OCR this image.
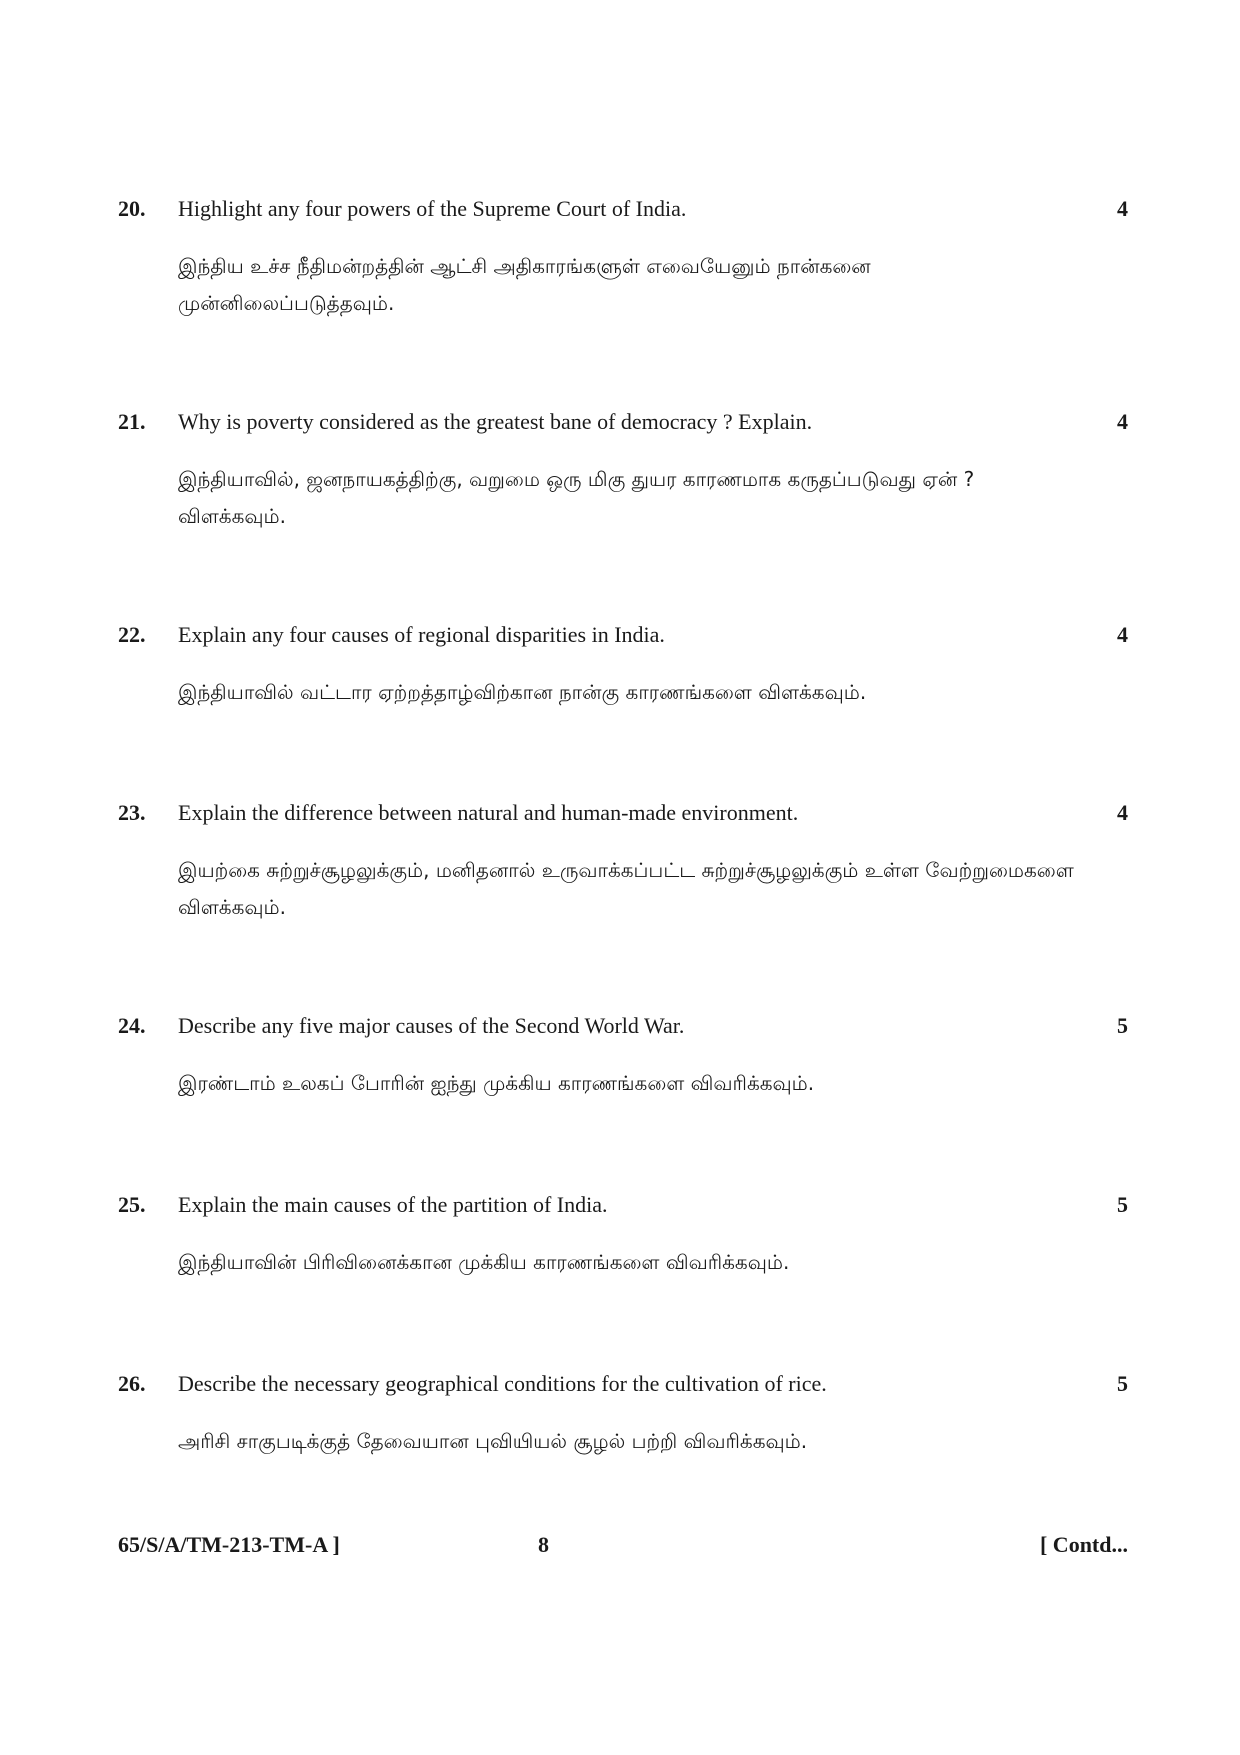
20.	Highlight any four powers of the Supreme Court of India.	4
இந்திய உச்ச நீதிமன்றத்தின் ஆட்சி அதிகாரங்களுள் எவையேனும் நான்கனை முன்னிலைப்படுத்தவும்.
21.	Why is poverty considered as the greatest bane of democracy ? Explain.	4
இந்தியாவில், ஜனநாயகத்திற்கு, வறுமை ஒரு மிகு துயர காரணமாக கருதப்படுவது ஏன் ? விளக்கவும்.
22.	Explain any four causes of regional disparities in India.	4
இந்தியாவில் வட்டார ஏற்றத்தாழ்விற்கான நான்கு காரணங்களை விளக்கவும்.
23.	Explain the difference between natural and human-made environment.	4
இயற்கை சுற்றுச்சூழலுக்கும், மனிதனால் உருவாக்கப்பட்ட சுற்றுச்சூழலுக்கும் உள்ள வேற்றுமைகளை விளக்கவும்.
24.	Describe any five major causes of the Second World War.	5
இரண்டாம் உலகப் போரின் ஐந்து முக்கிய காரணங்களை விவரிக்கவும்.
25.	Explain the main causes of the partition of India.	5
இந்தியாவின் பிரிவினைக்கான முக்கிய காரணங்களை விவரிக்கவும்.
26.	Describe the necessary geographical conditions for the cultivation of rice.	5
அரிசி சாகுபடிக்குத் தேவையான புவியியல் சூழல் பற்றி விவரிக்கவும்.
65/S/A/TM-213-TM-A ]	8	[ Contd...
